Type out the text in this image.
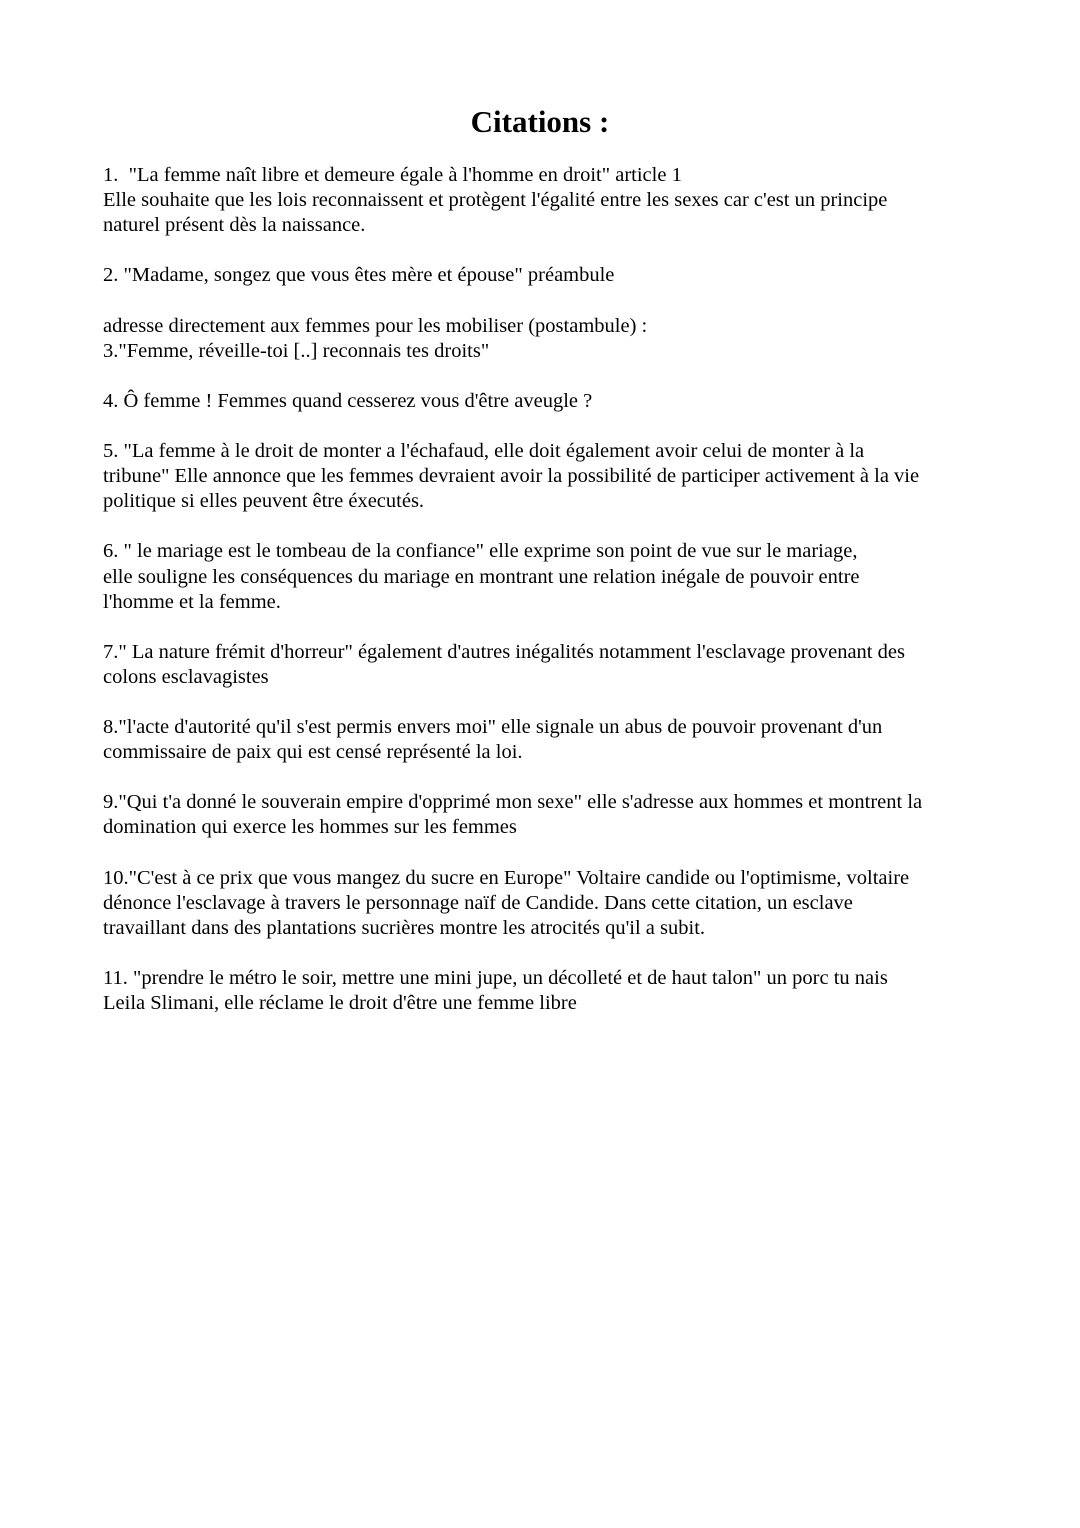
Citations :
1.  "La femme naît libre et demeure égale à l'homme en droit" article 1
Elle souhaite que les lois reconnaissent et protègent l'égalité entre les sexes car c'est un principe
naturel présent dès la naissance.
2. "Madame, songez que vous êtes mère et épouse" préambule
adresse directement aux femmes pour les mobiliser (postambule) :
3."Femme, réveille-toi [..] reconnais tes droits"
4. Ô femme ! Femmes quand cesserez vous d'être aveugle ?
5. "La femme à le droit de monter a l'échafaud, elle doit également avoir celui de monter à la
tribune" Elle annonce que les femmes devraient avoir la possibilité de participer activement à la vie
politique si elles peuvent être éxecutés.
6. " le mariage est le tombeau de la confiance" elle exprime son point de vue sur le mariage,
elle souligne les conséquences du mariage en montrant une relation inégale de pouvoir entre
l'homme et la femme.
7." La nature frémit d'horreur" également d'autres inégalités notamment l'esclavage provenant des
colons esclavagistes
8."l'acte d'autorité qu'il s'est permis envers moi" elle signale un abus de pouvoir provenant d'un
commissaire de paix qui est censé représenté la loi.
9."Qui t'a donné le souverain empire d'opprimé mon sexe" elle s'adresse aux hommes et montrent la
domination qui exerce les hommes sur les femmes
10."C'est à ce prix que vous mangez du sucre en Europe" Voltaire candide ou l'optimisme, voltaire
dénonce l'esclavage à travers le personnage naïf de Candide. Dans cette citation, un esclave
travaillant dans des plantations sucrières montre les atrocités qu'il a subit.
11. "prendre le métro le soir, mettre une mini jupe, un décolleté et de haut talon" un porc tu nais
Leila Slimani, elle réclame le droit d'être une femme libre
